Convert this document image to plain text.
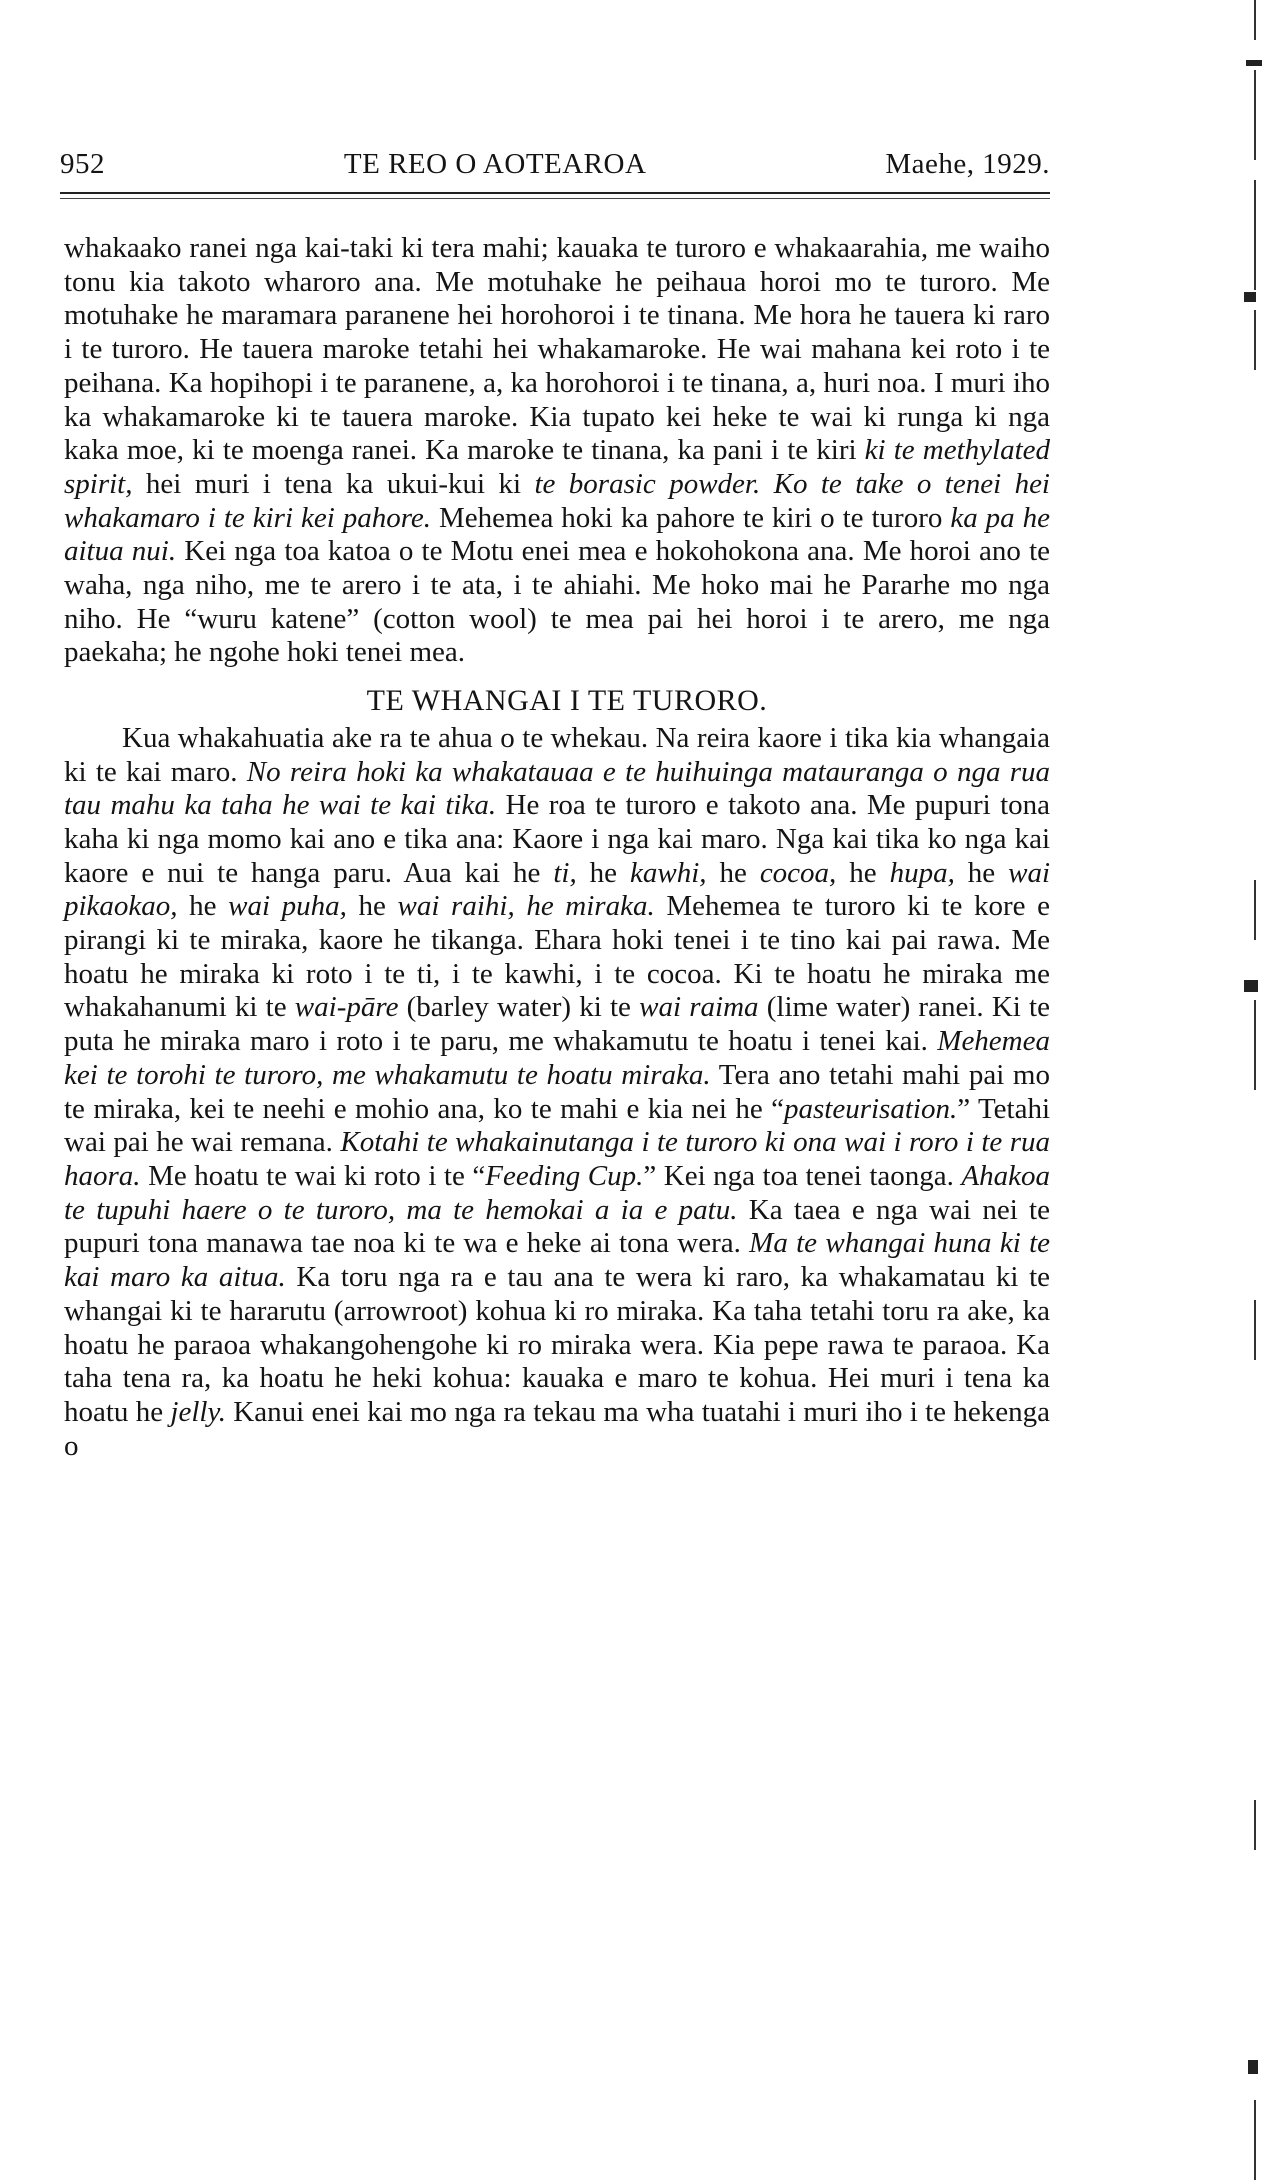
952	TE REO O AOTEAROA	Maehe, 1929.

whakaako ranei nga kai-taki ki tera mahi; kauaka te turoro e whakaarahia, me waiho tonu kia takoto wharoro ana. Me motuhake he peihaua horoi mo te turoro. Me motuhake he maramara paranene hei horohoroi i te tinana. Me hora he tauera ki raro i te turoro. He tauera maroke tetahi hei whakamaroke. He wai mahana kei roto i te peihana. Ka hopihopi i te paranene, a, ka horohoroi i te tinana, a, huri noa. I muri iho ka whakamaroke ki te tauera maroke. Kia tupato kei heke te wai ki runga ki nga kaka moe, ki te moenga ranei. Ka maroke te tinana, ka pani i te kiri ki te methylated spirit, hei muri i tena ka ukui-kui ki te borasic powder. Ko te take o tenei hei whakamaro i te kiri kei pahore. Mehemea hoki ka pahore te kiri o te turoro ka pa he aitua nui. Kei nga toa katoa o te Motu enei mea e hokohokona ana. Me horoi ano te waha, nga niho, me te arero i te ata, i te ahiahi. Me hoko mai he Pararhe mo nga niho. He “wuru katene” (cotton wool) te mea pai hei horoi i te arero, me nga paekaha; he ngohe hoki tenei mea.

TE WHANGAI I TE TURORO.

Kua whakahuatia ake ra te ahua o te whekau. Na reira kaore i tika kia whangaia ki te kai maro. No reira hoki ka whakatauaa e te huihuinga matauranga o nga rua tau mahu ka taha he wai te kai tika. He roa te turoro e takoto ana. Me pupuri tona kaha ki nga momo kai ano e tika ana: Kaore i nga kai maro. Nga kai tika ko nga kai kaore e nui te hanga paru. Aua kai he ti, he kawhi, he cocoa, he hupa, he wai pikaokao, he wai puha, he wai raihi, he miraka. Mehemea te turoro ki te kore e pirangi ki te miraka, kaore he tikanga. Ehara hoki tenei i te tino kai pai rawa. Me hoatu he miraka ki roto i te ti, i te kawhi, i te cocoa. Ki te hoatu he miraka me whakahanumi ki te wai-pāre (barley water) ki te wai raima (lime water) ranei. Ki te puta he miraka maro i roto i te paru, me whakamutu te hoatu i tenei kai. Mehemea kei te torohi te turoro, me whakamutu te hoatu miraka. Tera ano tetahi mahi pai mo te miraka, kei te neehi e mohio ana, ko te mahi e kia nei he “pasteurisation.” Tetahi wai pai he wai remana. Kotahi te whakainutanga i te turoro ki ona wai i roro i te rua haora. Me hoatu te wai ki roto i te “Feeding Cup.” Kei nga toa tenei taonga. Ahakoa te tupuhi haere o te turoro, ma te hemokai a ia e patu. Ka taea e nga wai nei te pupuri tona manawa tae noa ki te wa e heke ai tona wera. Ma te whangai huna ki te kai maro ka aitua. Ka toru nga ra e tau ana te wera ki raro, ka whakamatau ki te whangai ki te hararutu (arrowroot) kohua ki ro miraka. Ka taha tetahi toru ra ake, ka hoatu he paraoa whakangohengohe ki ro miraka wera. Kia pepe rawa te paraoa. Ka taha tena ra, ka hoatu he heki kohua: kauaka e maro te kohua. Hei muri i tena ka hoatu he jelly. Kanui enei kai mo nga ra tekau ma wha tuatahi i muri iho i te hekenga o
